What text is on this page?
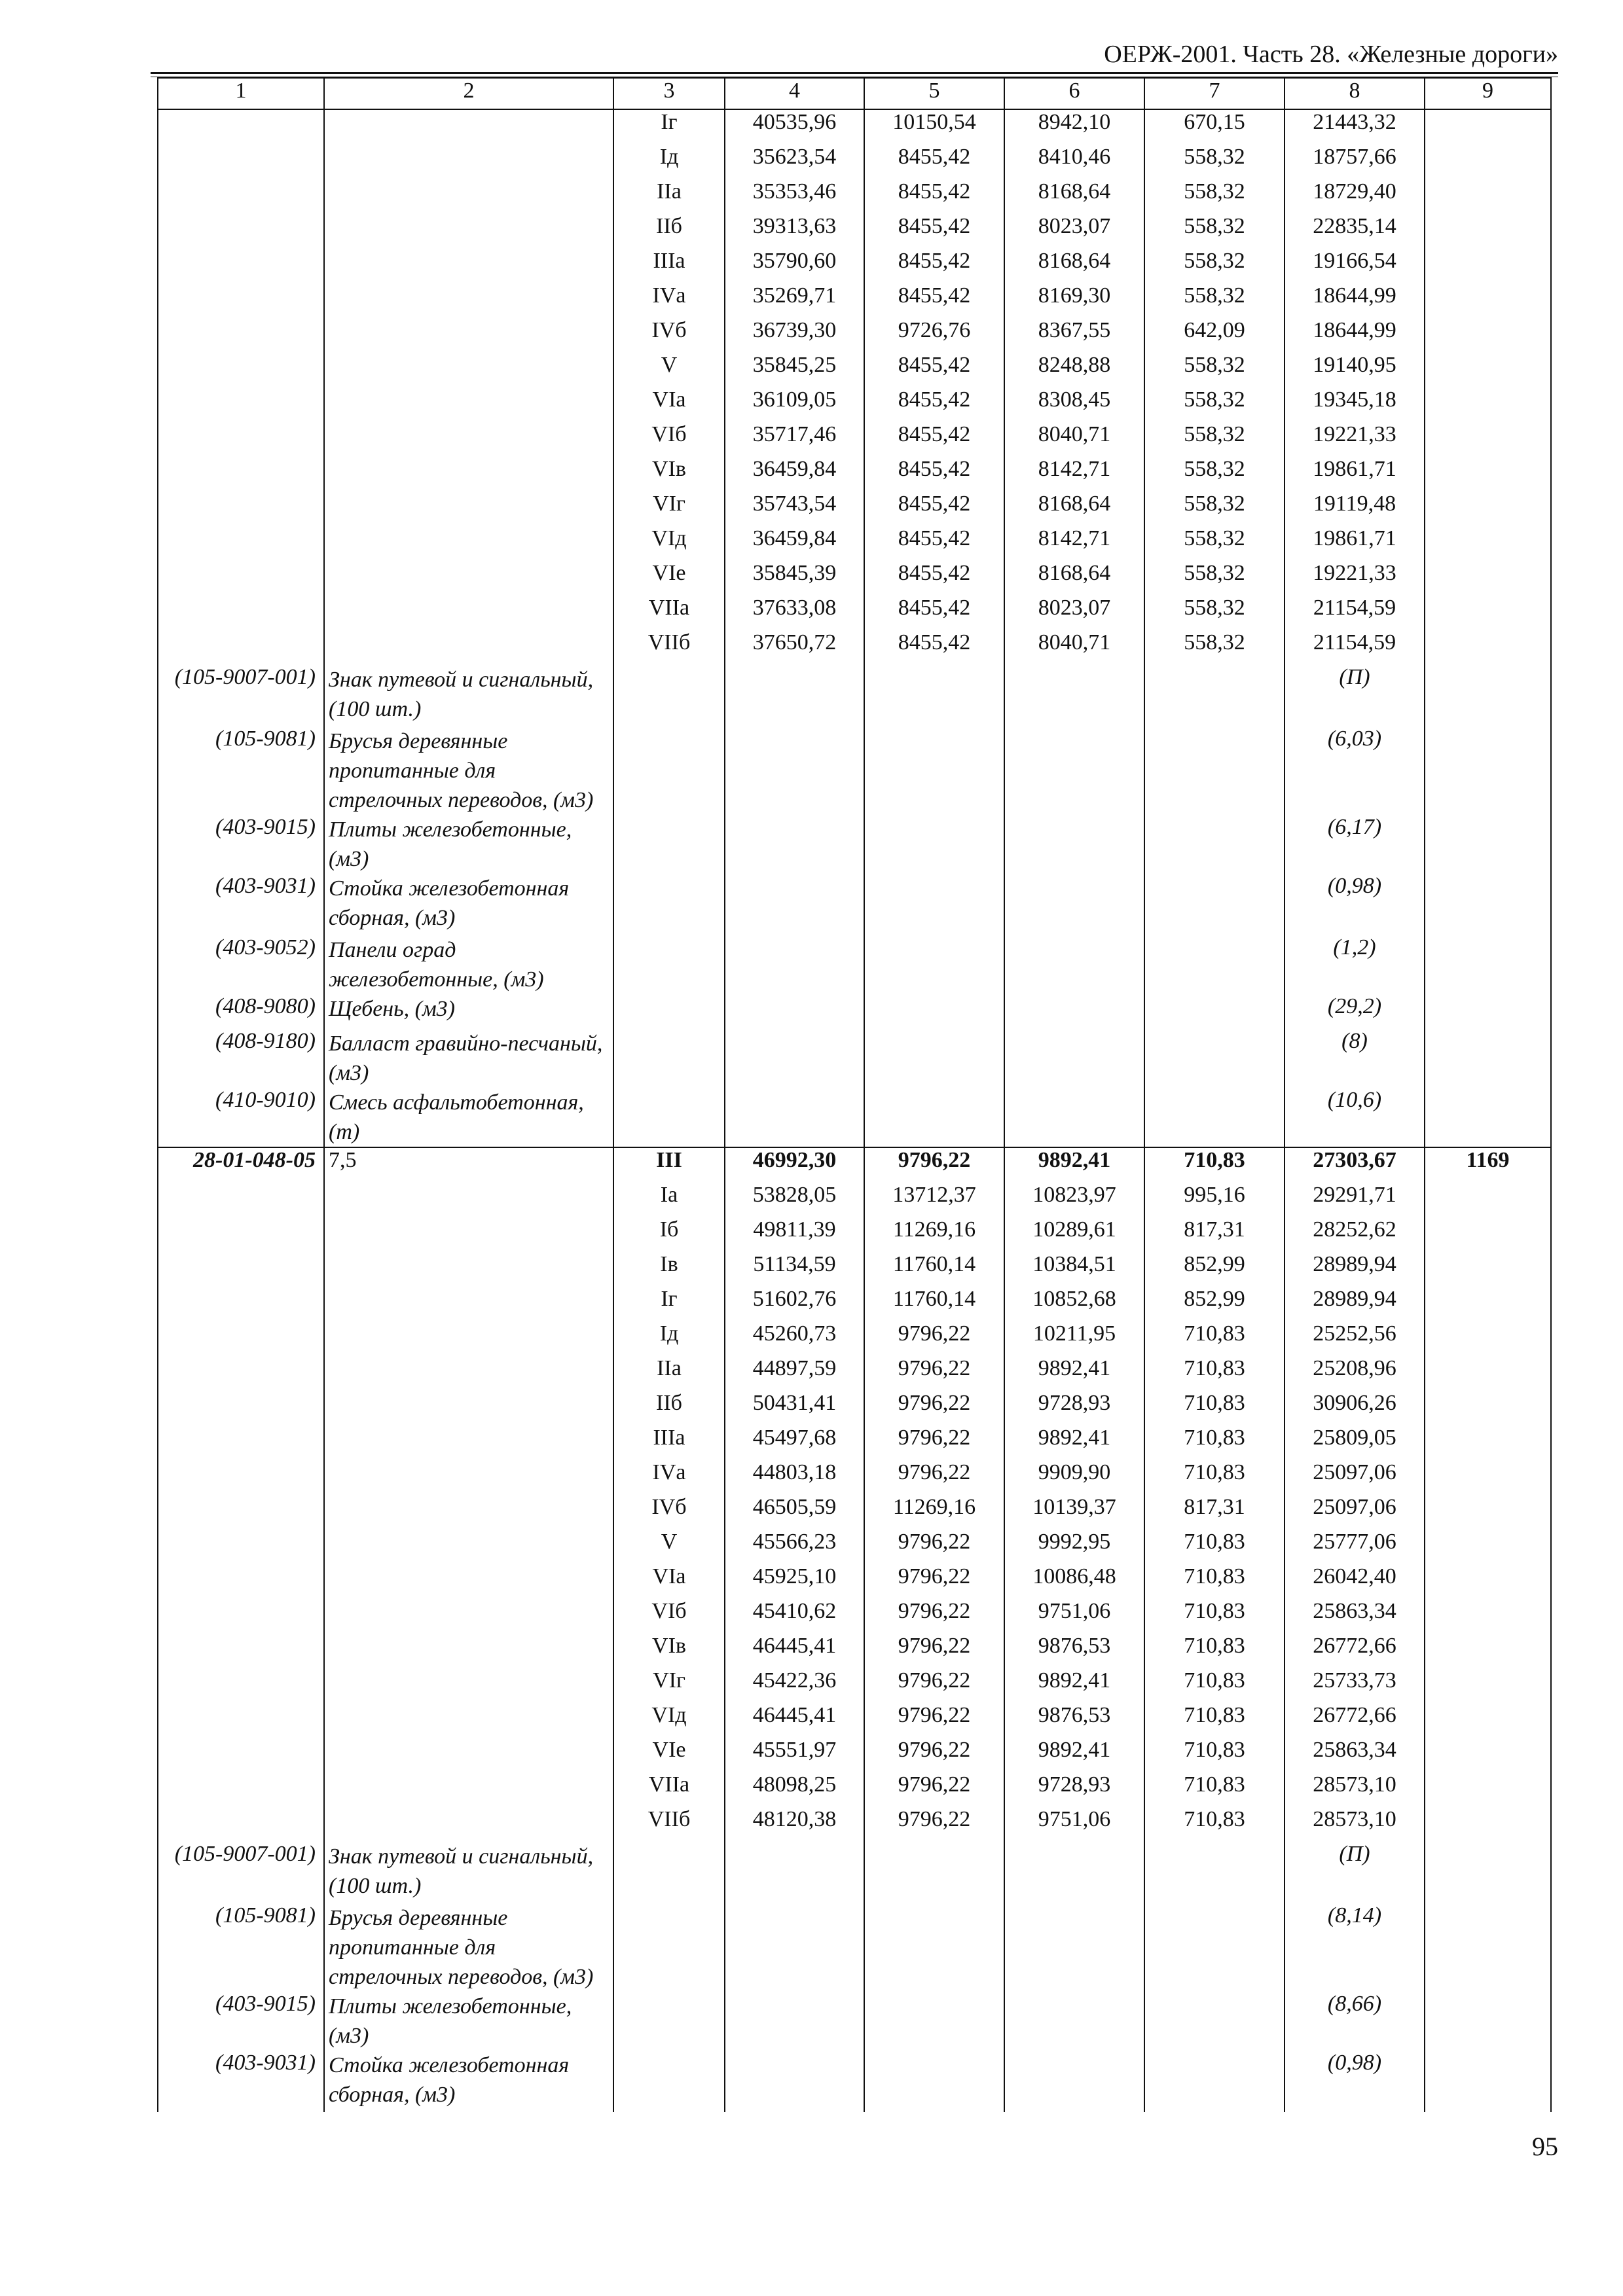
ОЕРЖ-2001. Часть 28. «Железные дороги»
1	2	3	4	5	6	7	8	9
		Iг	40535,96	10150,54	8942,10	670,15	21443,32	
		Iд	35623,54	8455,42	8410,46	558,32	18757,66	
		IIа	35353,46	8455,42	8168,64	558,32	18729,40	
		IIб	39313,63	8455,42	8023,07	558,32	22835,14	
		IIIа	35790,60	8455,42	8168,64	558,32	19166,54	
		IVа	35269,71	8455,42	8169,30	558,32	18644,99	
		IVб	36739,30	9726,76	8367,55	642,09	18644,99	
		V	35845,25	8455,42	8248,88	558,32	19140,95	
		VIа	36109,05	8455,42	8308,45	558,32	19345,18	
		VIб	35717,46	8455,42	8040,71	558,32	19221,33	
		VIв	36459,84	8455,42	8142,71	558,32	19861,71	
		VIг	35743,54	8455,42	8168,64	558,32	19119,48	
		VIд	36459,84	8455,42	8142,71	558,32	19861,71	
		VIе	35845,39	8455,42	8168,64	558,32	19221,33	
		VIIа	37633,08	8455,42	8023,07	558,32	21154,59	
		VIIб	37650,72	8455,42	8040,71	558,32	21154,59	
(105-9007-001)	Знак путевой и сигнальный, (100 шт.)						(П)	
(105-9081)	Брусья деревянные пропитанные для стрелочных переводов, (м3)						(6,03)	
(403-9015)	Плиты железобетонные, (м3)						(6,17)	
(403-9031)	Стойка железобетонная сборная, (м3)						(0,98)	
(403-9052)	Панели оград железобетонные, (м3)						(1,2)	
(408-9080)	Щебень, (м3)						(29,2)	
(408-9180)	Балласт гравийно-песчаный, (м3)						(8)	
(410-9010)	Смесь асфальтобетонная, (т)						(10,6)	
28-01-048-05	7,5	III	46992,30	9796,22	9892,41	710,83	27303,67	1169
		Iа	53828,05	13712,37	10823,97	995,16	29291,71	
		Iб	49811,39	11269,16	10289,61	817,31	28252,62	
		Iв	51134,59	11760,14	10384,51	852,99	28989,94	
		Iг	51602,76	11760,14	10852,68	852,99	28989,94	
		Iд	45260,73	9796,22	10211,95	710,83	25252,56	
		IIа	44897,59	9796,22	9892,41	710,83	25208,96	
		IIб	50431,41	9796,22	9728,93	710,83	30906,26	
		IIIа	45497,68	9796,22	9892,41	710,83	25809,05	
		IVа	44803,18	9796,22	9909,90	710,83	25097,06	
		IVб	46505,59	11269,16	10139,37	817,31	25097,06	
		V	45566,23	9796,22	9992,95	710,83	25777,06	
		VIа	45925,10	9796,22	10086,48	710,83	26042,40	
		VIб	45410,62	9796,22	9751,06	710,83	25863,34	
		VIв	46445,41	9796,22	9876,53	710,83	26772,66	
		VIг	45422,36	9796,22	9892,41	710,83	25733,73	
		VIд	46445,41	9796,22	9876,53	710,83	26772,66	
		VIе	45551,97	9796,22	9892,41	710,83	25863,34	
		VIIа	48098,25	9796,22	9728,93	710,83	28573,10	
		VIIб	48120,38	9796,22	9751,06	710,83	28573,10	
(105-9007-001)	Знак путевой и сигнальный, (100 шт.)						(П)	
(105-9081)	Брусья деревянные пропитанные для стрелочных переводов, (м3)						(8,14)	
(403-9015)	Плиты железобетонные, (м3)						(8,66)	
(403-9031)	Стойка железобетонная сборная, (м3)						(0,98)	
95
